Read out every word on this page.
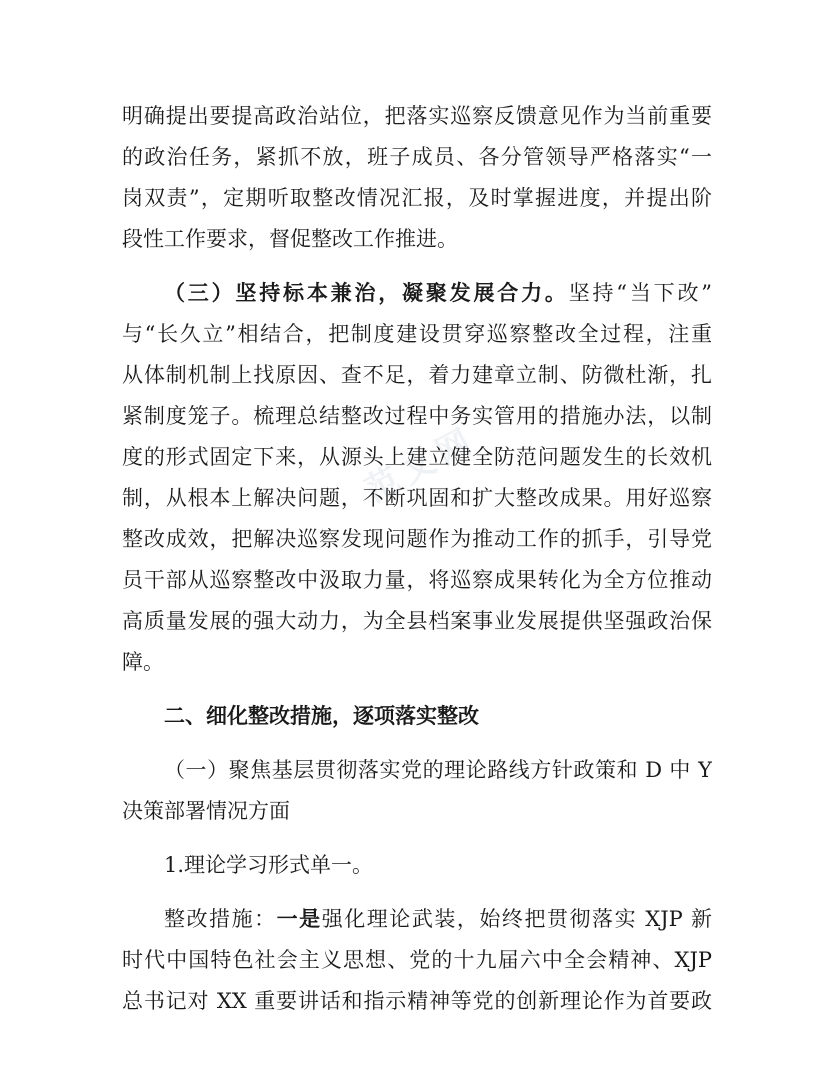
范文网
明确提出要提高政治站位，把落实巡察反馈意见作为当前重要
的政治任务，紧抓不放，班子成员、各分管领导严格落实“一
岗双责”，定期听取整改情况汇报，及时掌握进度，并提出阶
段性工作要求，督促整改工作推进。
（三）坚持标本兼治，凝聚发展合力。坚持“当下改”
与“长久立”相结合，把制度建设贯穿巡察整改全过程，注重
从体制机制上找原因、查不足，着力建章立制、防微杜渐，扎
紧制度笼子。梳理总结整改过程中务实管用的措施办法，以制
度的形式固定下来，从源头上建立健全防范问题发生的长效机
制，从根本上解决问题，不断巩固和扩大整改成果。用好巡察
整改成效，把解决巡察发现问题作为推动工作的抓手，引导党
员干部从巡察整改中汲取力量，将巡察成果转化为全方位推动
高质量发展的强大动力，为全县档案事业发展提供坚强政治保
障。
二、细化整改措施，逐项落实整改
（一）聚焦基层贯彻落实党的理论路线方针政策和 D 中 Y
决策部署情况方面
1.理论学习形式单一。
整改措施：一是强化理论武装，始终把贯彻落实 XJP 新
时代中国特色社会主义思想、党的十九届六中全会精神、XJP
总书记对 XX 重要讲话和指示精神等党的创新理论作为首要政
